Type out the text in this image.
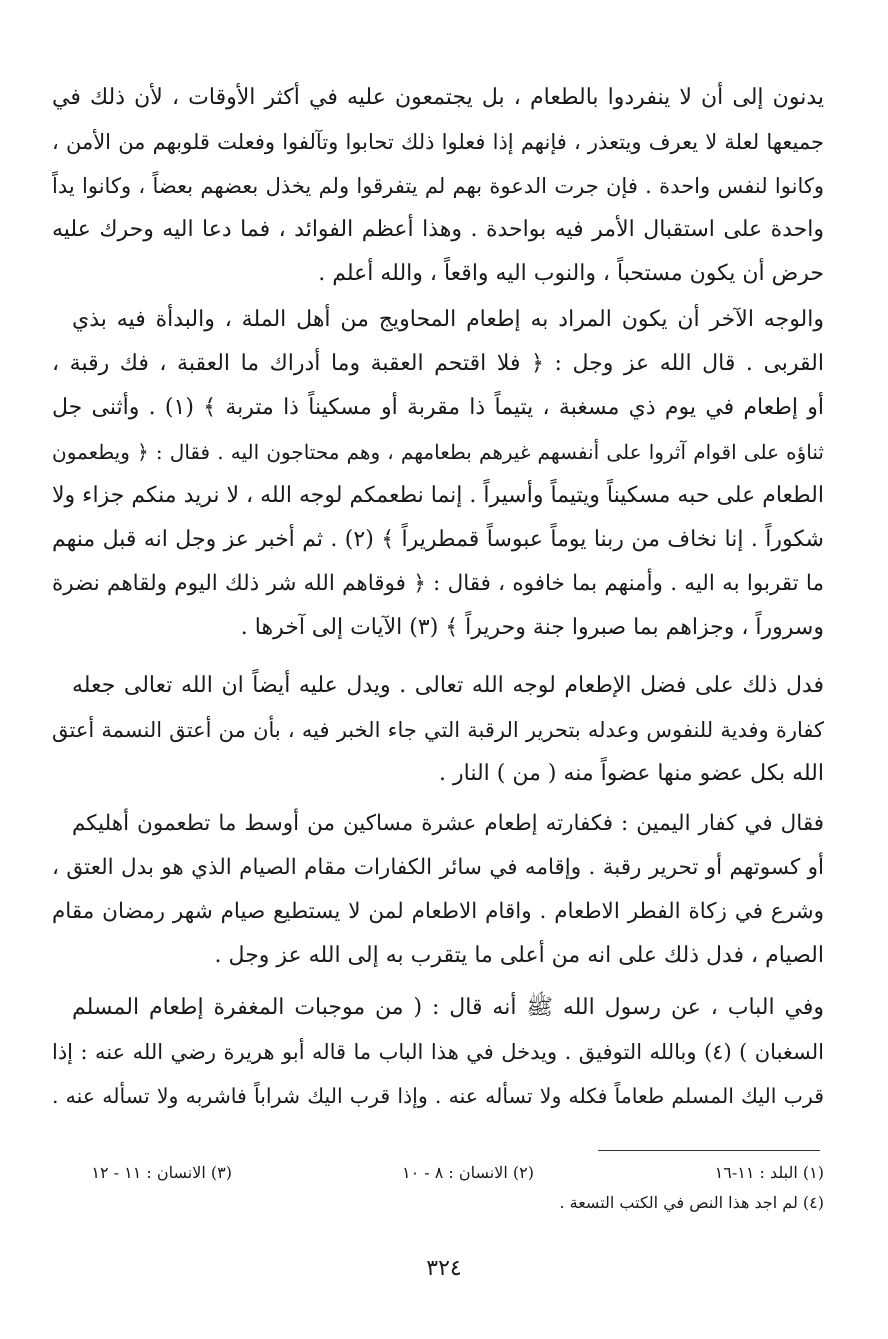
يدنون إلى أن لا ينفردوا بالطعام ، بل يجتمعون عليه في أكثر الأوقات ، لأن ذلك في
جميعها لعلة لا يعرف ويتعذر ، فإنهم إذا فعلوا ذلك تحابوا وتآلفوا وفعلت قلوبهم من الأمن ،
وكانوا لنفس واحدة . فإن جرت الدعوة بهم لم يتفرقوا ولم يخذل بعضهم بعضاً ، وكانوا يداً
واحدة على استقبال الأمر فيه بواحدة . وهذا أعظم الفوائد ، فما دعا اليه وحرك عليه
حرض أن يكون مستحباً ، والنوب اليه واقعاً ، والله أعلم .
والوجه الآخر أن يكون المراد به إطعام المحاويج من أهل الملة ، والبدأة فيه بذي
القربى . قال الله عز وجل : ﴿ فلا اقتحم العقبة وما أدراك ما العقبة ، فك رقبة ،
أو إطعام في يوم ذي مسغبة ، يتيماً ذا مقربة أو مسكيناً ذا متربة ﴾ (١) . وأثنى جل
ثناؤه على اقوام آثروا على أنفسهم غيرهم بطعامهم ، وهم محتاجون اليه . فقال : ﴿ ويطعمون
الطعام على حبه مسكيناً ويتيماً وأسيراً . إنما نطعمكم لوجه الله ، لا نريد منكم جزاء ولا
شكوراً . إنا نخاف من ربنا يوماً عبوساً قمطريراً ﴾ (٢) . ثم أخبر عز وجل انه قبل منهم
ما تقربوا به اليه . وأمنهم بما خافوه ، فقال : ﴿ فوقاهم الله شر ذلك اليوم ولقاهم نضرة
وسروراً ، وجزاهم بما صبروا جنة وحريراً ﴾ (٣) الآيات إلى آخرها .
فدل ذلك على فضل الإطعام لوجه الله تعالى . ويدل عليه أيضاً ان الله تعالى جعله
كفارة وفدية للنفوس وعدله بتحرير الرقبة التي جاء الخبر فيه ، بأن من أعتق النسمة أعتق
الله بكل عضو منها عضواً منه ( من ) النار .
فقال في كفار اليمين : فكفارته إطعام عشرة مساكين من أوسط ما تطعمون أهليكم
أو كسوتهم أو تحرير رقبة . وإقامه في سائر الكفارات مقام الصيام الذي هو بدل العتق ،
وشرع في زكاة الفطر الاطعام . واقام الاطعام لمن لا يستطيع صيام شهر رمضان مقام
الصيام ، فدل ذلك على انه من أعلى ما يتقرب به إلى الله عز وجل .
وفي الباب ، عن رسول الله ﷺ أنه قال : ( من موجبات المغفرة إطعام المسلم
السغبان ) (٤) وبالله التوفيق . ويدخل في هذا الباب ما قاله أبو هريرة رضي الله عنه : إذا
قرب اليك المسلم طعاماً فكله ولا تسأله عنه . وإذا قرب اليك شراباً فاشربه ولا تسأله عنه .
(١) البلد : ١١-١٦
(٢) الانسان : ٨ - ١٠
(٣) الانسان : ١١ - ١٢
(٤) لم اجد هذا النص في الكتب التسعة .
٣٢٤
